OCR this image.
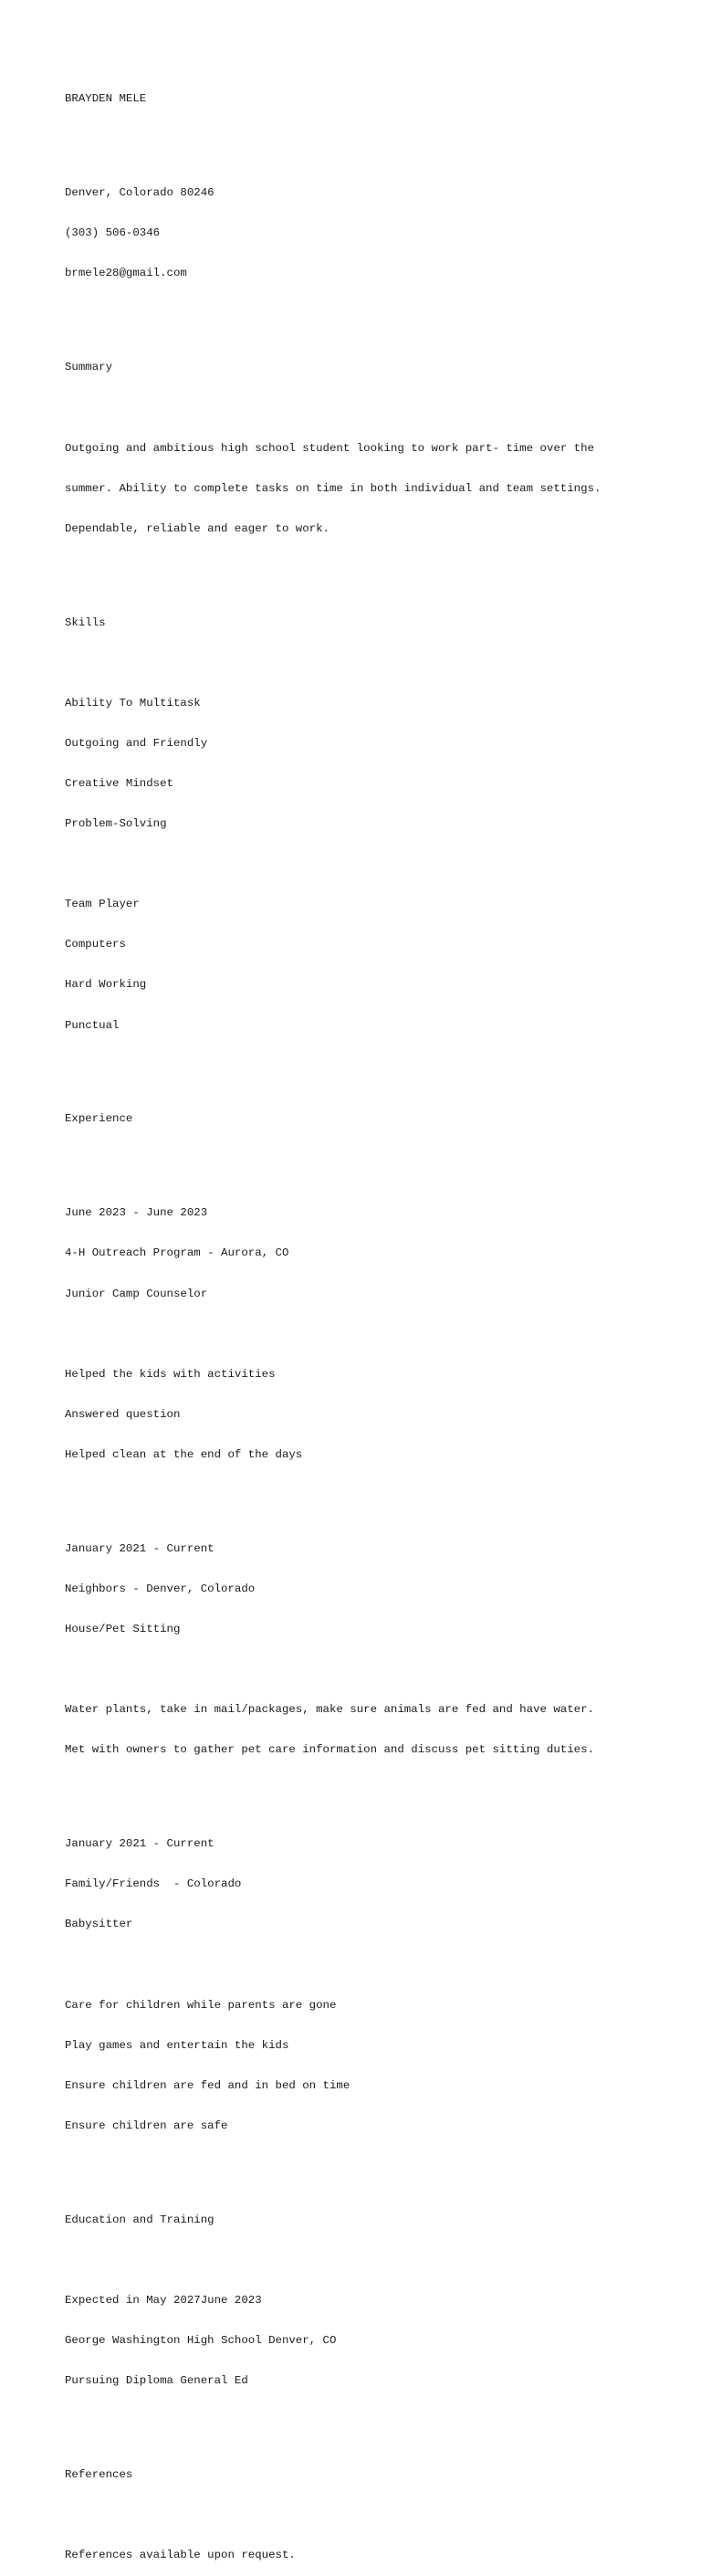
BRAYDEN MELE

Denver, Colorado 80246

(303) 506-0346

brmele28@gmail.com

Summary

Outgoing and ambitious high school student looking to work part- time over the

summer. Ability to complete tasks on time in both individual and team settings.

Dependable, reliable and eager to work.

Skills

Ability To Multitask

Outgoing and Friendly

Creative Mindset

Problem-Solving

Team Player

Computers

Hard Working

Punctual

Experience

June 2023 - June 2023

4-H Outreach Program - Aurora, CO

Junior Camp Counselor

Helped the kids with activities

Answered question

Helped clean at the end of the days

January 2021 - Current

Neighbors - Denver, Colorado

House/Pet Sitting

Water plants, take in mail/packages, make sure animals are fed and have water.

Met with owners to gather pet care information and discuss pet sitting duties.

January 2021 - Current

Family/Friends  - Colorado

Babysitter

Care for children while parents are gone

Play games and entertain the kids

Ensure children are fed and in bed on time

Ensure children are safe

Education and Training

Expected in May 2027June 2023

George Washington High School Denver, CO

Pursuing Diploma General Ed

References

References available upon request.
